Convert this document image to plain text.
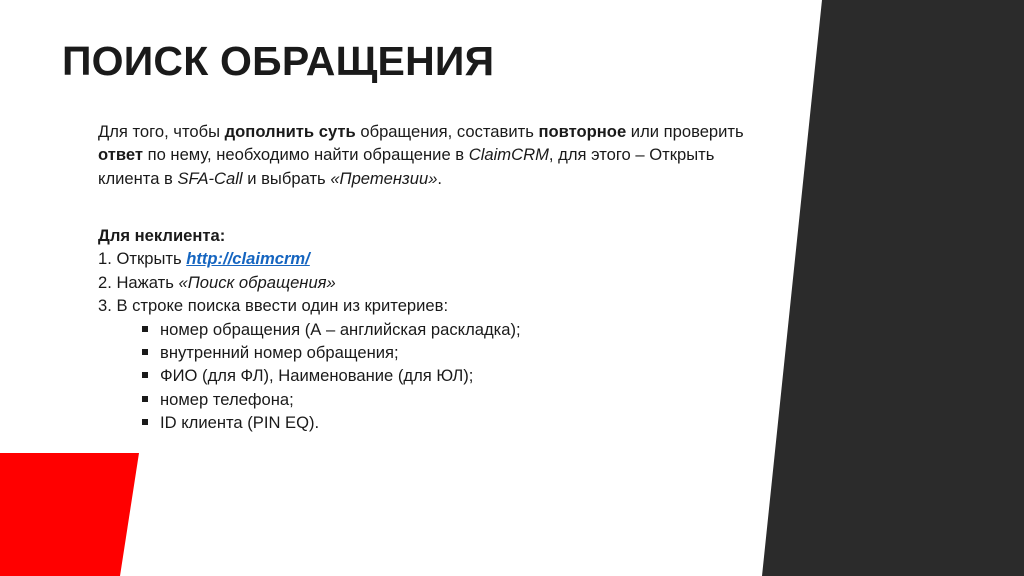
ПОИСК ОБРАЩЕНИЯ

Для того, чтобы дополнить суть обращения, составить повторное или проверить ответ по нему, необходимо найти обращение в ClaimCRM, для этого – Открыть клиента в SFA-Call и выбрать «Претензии».

Для неклиента:
1. Открыть http://claimcrm/
2. Нажать «Поиск обращения»
3. В строке поиска ввести один из критериев:
номер обращения (А – английская раскладка);
внутренний номер обращения;
ФИО (для ФЛ), Наименование (для ЮЛ);
номер телефона;
ID клиента (PIN EQ).
